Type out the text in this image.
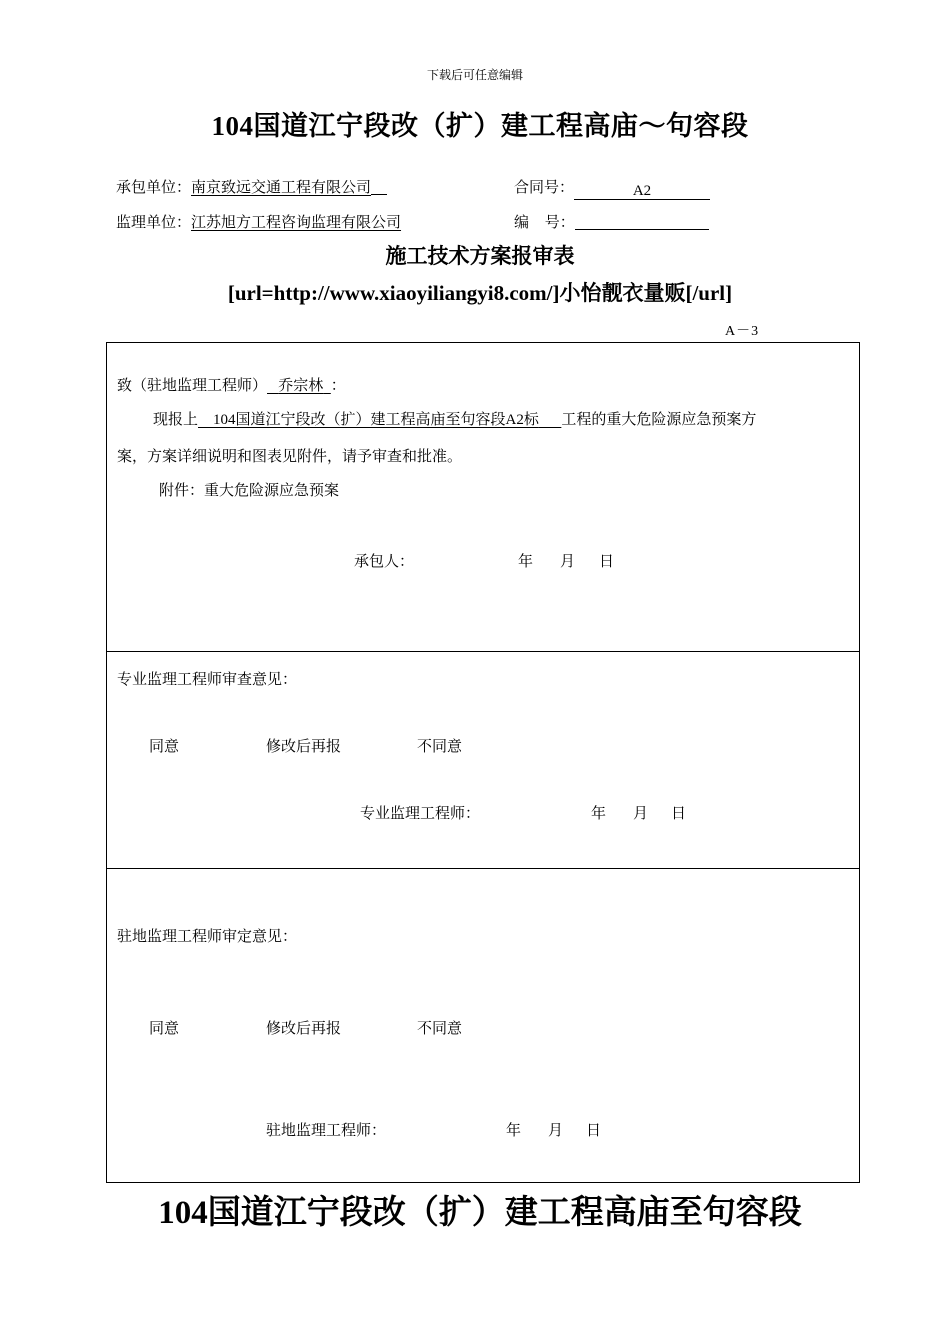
下载后可任意编辑
104国道江宁段改（扩）建工程高庙～句容段
承包单位：南京致远交通工程有限公司	合同号：	A2
监理单位：江苏旭方工程咨询监理有限公司	编 号：
施工技术方案报审表
[url=http://www.xiaoyiliangyi8.com/]小怡靓衣量贩[/url]
A－3
致（驻地监理工程师） 乔宗林 ：
现报上 104国道江宁段改（扩）建工程高庙至句容段A2标 工程的重大危险源应急预案方
案，方案详细说明和图表见附件，请予审查和批准。
附件：重大危险源应急预案
承包人：	年 月 日
专业监理工程师审查意见：
同意	修改后再报	不同意
专业监理工程师：	年 月 日
驻地监理工程师审定意见：
同意	修改后再报	不同意
驻地监理工程师：	年 月 日
104国道江宁段改（扩）建工程高庙至句容段
